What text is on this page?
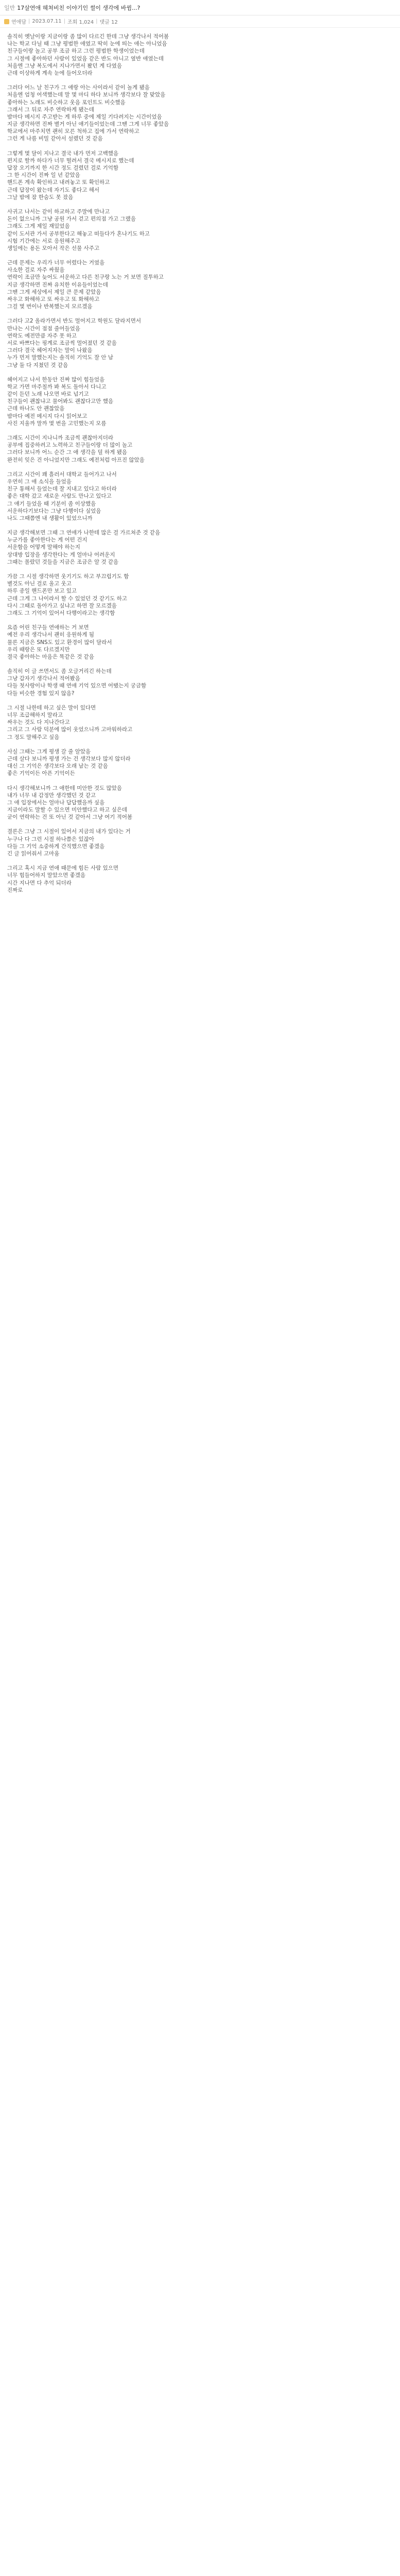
일반 17살연애 헤쳐비친 이야기인 썰이 생각에 바뀜...?
연애담 | 2023.07.11 | 조회 1,024 | 댓글 12

솔직히 옛날이랑 지금이랑 좀 많이 다르긴 한데 그냥 생각나서 적어봄

나는 학교 다닐 때 그냥 평범한 애였고 딱히 눈에 띄는 애는 아니었음

친구들이랑 놀고 공부 조금 하고 그런 평범한 학생이었는데

그 시절에 좋아하던 사람이 있었음 같은 반도 아니고 옆반 애였는데

처음엔 그냥 복도에서 지나가면서 봤던 게 다였음

근데 이상하게 계속 눈에 들어오더라

그러다 어느 날 친구가 그 애랑 아는 사이라서 같이 놀게 됐음

처음엔 엄청 어색했는데 말 몇 마디 하다 보니까 생각보다 잘 맞았음

좋아하는 노래도 비슷하고 웃음 포인트도 비슷했음

그래서 그 뒤로 자주 연락하게 됐는데

밤마다 메시지 주고받는 게 하루 중에 제일 기다려지는 시간이었음

지금 생각하면 진짜 별거 아닌 얘기들이었는데 그땐 그게 너무 좋았음

학교에서 마주치면 괜히 모른 척하고 집에 가서 연락하고

그런 게 나름 비밀 같아서 설렜던 것 같음

그렇게 몇 달이 지나고 결국 내가 먼저 고백했음

편지로 할까 하다가 너무 떨려서 결국 메시지로 했는데

답장 오기까지 한 시간 정도 걸렸던 걸로 기억함

그 한 시간이 진짜 일 년 같았음

핸드폰 계속 확인하고 내려놓고 또 확인하고

근데 답장이 왔는데 자기도 좋다고 해서

그날 밤에 잠 한숨도 못 잤음

사귀고 나서는 같이 하교하고 주말에 만나고

돈이 없으니까 그냥 공원 가서 걷고 편의점 가고 그랬음

그래도 그게 제일 재밌었음

같이 도서관 가서 공부한다고 해놓고 떠들다가 혼나기도 하고

시험 기간에는 서로 응원해주고

생일에는 용돈 모아서 작은 선물 사주고

근데 문제는 우리가 너무 어렸다는 거였음

사소한 걸로 자주 싸웠음

연락이 조금만 늦어도 서운하고 다른 친구랑 노는 거 보면 질투하고

지금 생각하면 진짜 유치한 이유들이었는데

그땐 그게 세상에서 제일 큰 문제 같았음

싸우고 화해하고 또 싸우고 또 화해하고

그걸 몇 번이나 반복했는지 모르겠음

그러다 고2 올라가면서 반도 멀어지고 학원도 달라지면서

만나는 시간이 점점 줄어들었음

연락도 예전만큼 자주 못 하고

서로 바쁘다는 핑계로 조금씩 멀어졌던 것 같음

그러다 결국 헤어지자는 말이 나왔음

누가 먼저 말했는지는 솔직히 기억도 잘 안 남

그냥 둘 다 지쳤던 것 같음

헤어지고 나서 한동안 진짜 많이 힘들었음

학교 가면 마주칠까 봐 복도 돌아서 다니고

같이 듣던 노래 나오면 바로 넘기고

친구들이 괜찮냐고 물어봐도 괜찮다고만 했음

근데 하나도 안 괜찮았음

밤마다 예전 메시지 다시 읽어보고

사진 지울까 말까 몇 번을 고민했는지 모름

그래도 시간이 지나니까 조금씩 괜찮아지더라

공부에 집중하려고 노력하고 친구들이랑 더 많이 놀고

그러다 보니까 어느 순간 그 애 생각을 덜 하게 됐음

완전히 잊은 건 아니었지만 그래도 예전처럼 아프진 않았음

그리고 시간이 꽤 흘러서 대학교 들어가고 나서

우연히 그 애 소식을 들었음

친구 통해서 들었는데 잘 지내고 있다고 하더라

좋은 대학 갔고 새로운 사람도 만나고 있다고

그 얘기 들었을 때 기분이 좀 이상했음

서운하다기보다는 그냥 다행이다 싶었음

나도 그때쯤엔 내 생활이 있었으니까

지금 생각해보면 그때 그 연애가 나한테 많은 걸 가르쳐준 것 같음

누군가를 좋아한다는 게 어떤 건지

서운함을 어떻게 말해야 하는지

상대방 입장을 생각한다는 게 얼마나 어려운지

그때는 몰랐던 것들을 지금은 조금은 알 것 같음

가끔 그 시절 생각하면 웃기기도 하고 부끄럽기도 함

별것도 아닌 걸로 울고 웃고

하루 종일 핸드폰만 보고 있고

근데 그게 그 나이라서 할 수 있었던 것 같기도 하고

다시 그때로 돌아가고 싶냐고 하면 잘 모르겠음

그래도 그 기억이 있어서 다행이라고는 생각함

요즘 어린 친구들 연애하는 거 보면

예전 우리 생각나서 괜히 응원하게 됨

물론 지금은 SNS도 있고 환경이 많이 달라서

우리 때랑은 또 다르겠지만

결국 좋아하는 마음은 똑같은 것 같음

솔직히 이 글 쓰면서도 좀 오글거리긴 하는데

그냥 갑자기 생각나서 적어봤음

다들 첫사랑이나 학생 때 연애 기억 있으면 어땠는지 궁금함

다들 비슷한 경험 있지 않음?

그 시절 나한테 하고 싶은 말이 있다면

너무 조급해하지 말라고

싸우는 것도 다 지나간다고

그리고 그 사람 덕분에 많이 웃었으니까 고마워하라고

그 정도 말해주고 싶음

사실 그때는 그게 평생 갈 줄 알았음

근데 살다 보니까 평생 가는 건 생각보다 많지 않더라

대신 그 기억은 생각보다 오래 남는 것 같음

좋은 기억이든 아픈 기억이든

다시 생각해보니까 그 애한테 미안한 것도 많았음

내가 너무 내 감정만 생각했던 것 같고

그 애 입장에서는 얼마나 답답했을까 싶음

지금이라도 말할 수 있으면 미안했다고 하고 싶은데

굳이 연락하는 건 또 아닌 것 같아서 그냥 여기 적어봄

결론은 그냥 그 시절이 있어서 지금의 내가 있다는 거

누구나 다 그런 시절 하나쯤은 있잖아

다들 그 기억 소중하게 간직했으면 좋겠음

긴 글 읽어줘서 고마움

그리고 혹시 지금 연애 때문에 힘든 사람 있으면

너무 힘들어하지 말았으면 좋겠음

시간 지나면 다 추억 되더라

진짜로
